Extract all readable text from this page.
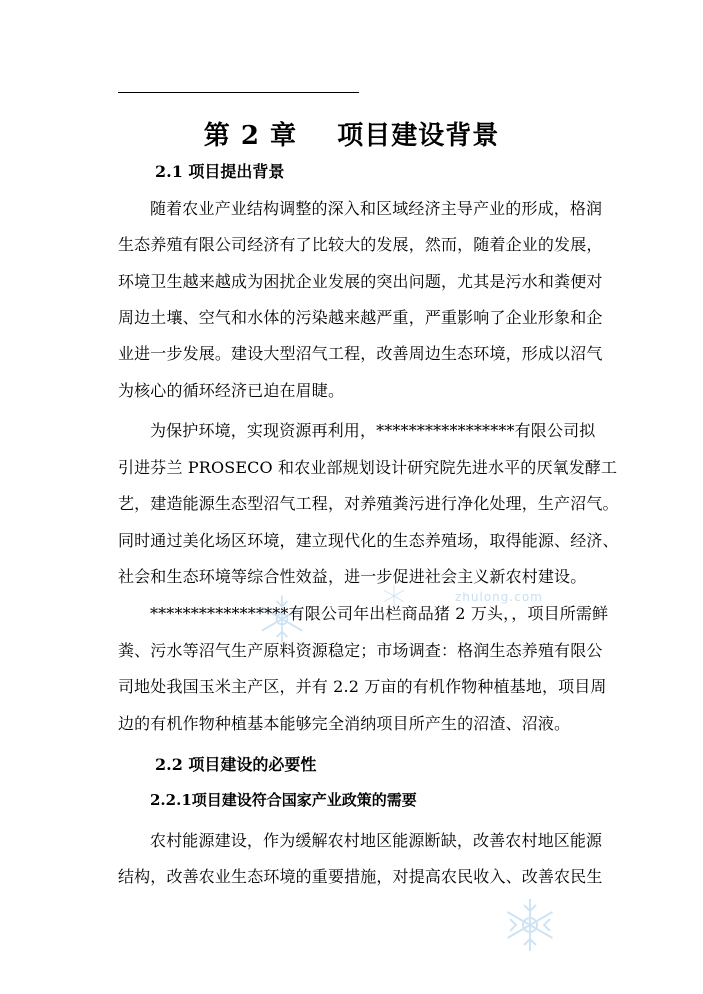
第 2 章    项目建设背景
2.1 项目提出背景
随着农业产业结构调整的深入和区域经济主导产业的形成，格润
生态养殖有限公司经济有了比较大的发展，然而，随着企业的发展，
环境卫生越来越成为困扰企业发展的突出问题，尤其是污水和粪便对
周边土壤、空气和水体的污染越来越严重，严重影响了企业形象和企
业进一步发展。建设大型沼气工程，改善周边生态环境，形成以沼气
为核心的循环经济已迫在眉睫。
为保护环境，实现资源再利用，*****************有限公司拟
引进芬兰 PROSECO 和农业部规划设计研究院先进水平的厌氧发酵工
艺，建造能源生态型沼气工程，对养殖粪污进行净化处理，生产沼气。
同时通过美化场区环境，建立现代化的生态养殖场，取得能源、经济、
社会和生态环境等综合性效益，进一步促进社会主义新农村建设。
zhulong.com
*****************有限公司年出栏商品猪 2 万头，，项目所需鲜
粪、污水等沼气生产原料资源稳定；市场调查：格润生态养殖有限公
司地处我国玉米主产区，并有 2.2 万亩的有机作物种植基地，项目周
边的有机作物种植基本能够完全消纳项目所产生的沼渣、沼液。
2.2 项目建设的必要性
2.2.1项目建设符合国家产业政策的需要
农村能源建设，作为缓解农村地区能源断缺，改善农村地区能源
结构，改善农业生态环境的重要措施，对提高农民收入、改善农民生
